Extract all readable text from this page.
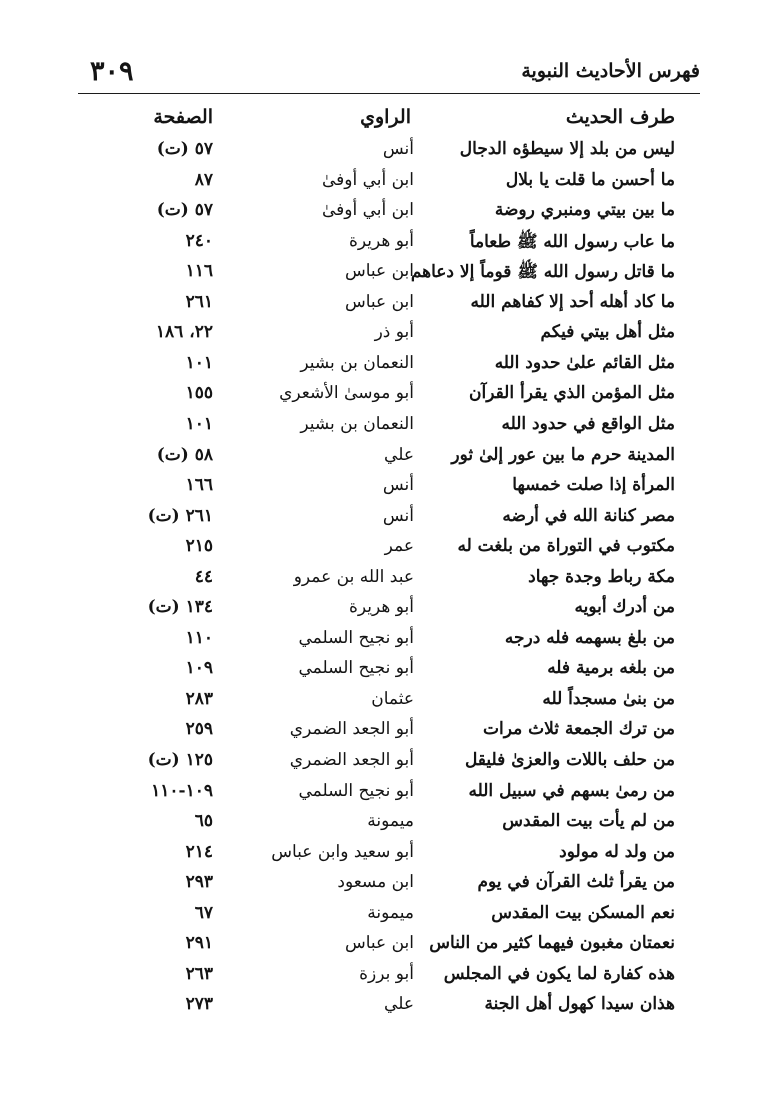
٣٠٩	فهرس الأحاديث النبوية
طرف الحديث
الراوي
الصفحة
ليس من بلد إلا سيطؤه الدجال
أنس
٥٧ (ت)
ما أحسن ما قلت يا بلال
ابن أبي أوفىٰ
٨٧
ما بين بيتي ومنبري روضة
ابن أبي أوفىٰ
٥٧ (ت)
ما عاب رسول الله ﷺ طعاماً
أبو هريرة
٢٤٠
ما قاتل رسول الله ﷺ قوماً إلا دعاهم
ابن عباس
١١٦
ما كاد أهله أحد إلا كفاهم الله
ابن عباس
٢٦١
مثل أهل بيتي فيكم
أبو ذر
٢٢، ١٨٦
مثل القائم علىٰ حدود الله
النعمان بن بشير
١٠١
مثل المؤمن الذي يقرأ القرآن
أبو موسىٰ الأشعري
١٥٥
مثل الواقع في حدود الله
النعمان بن بشير
١٠١
المدينة حرم ما بين عور إلىٰ ثور
علي
٥٨ (ت)
المرأة إذا صلت خمسها
أنس
١٦٦
مصر كنانة الله في أرضه
أنس
٢٦١ (ت)
مكتوب في التوراة من بلغت له
عمر
٢١٥
مكة رباط وجدة جهاد
عبد الله بن عمرو
٤٤
من أدرك أبويه
أبو هريرة
١٣٤ (ت)
من بلغ بسهمه فله درجه
أبو نجيح السلمي
١١٠
من بلغه برمية فله
أبو نجيح السلمي
١٠٩
من بنىٰ مسجداً لله
عثمان
٢٨٣
من ترك الجمعة ثلاث مرات
أبو الجعد الضمري
٢٥٩
من حلف باللات والعزىٰ فليقل
أبو الجعد الضمري
١٢٥ (ت)
من رمىٰ بسهم في سبيل الله
أبو نجيح السلمي
١٠٩-١١٠
من لم يأت بيت المقدس
ميمونة
٦٥
من ولد له مولود
أبو سعيد وابن عباس
٢١٤
من يقرأ ثلث القرآن في يوم
ابن مسعود
٢٩٣
نعم المسكن بيت المقدس
ميمونة
٦٧
نعمتان مغبون فيهما كثير من الناس
ابن عباس
٢٩١
هذه كفارة لما يكون في المجلس
أبو برزة
٢٦٣
هذان سيدا كهول أهل الجنة
علي
٢٧٣
